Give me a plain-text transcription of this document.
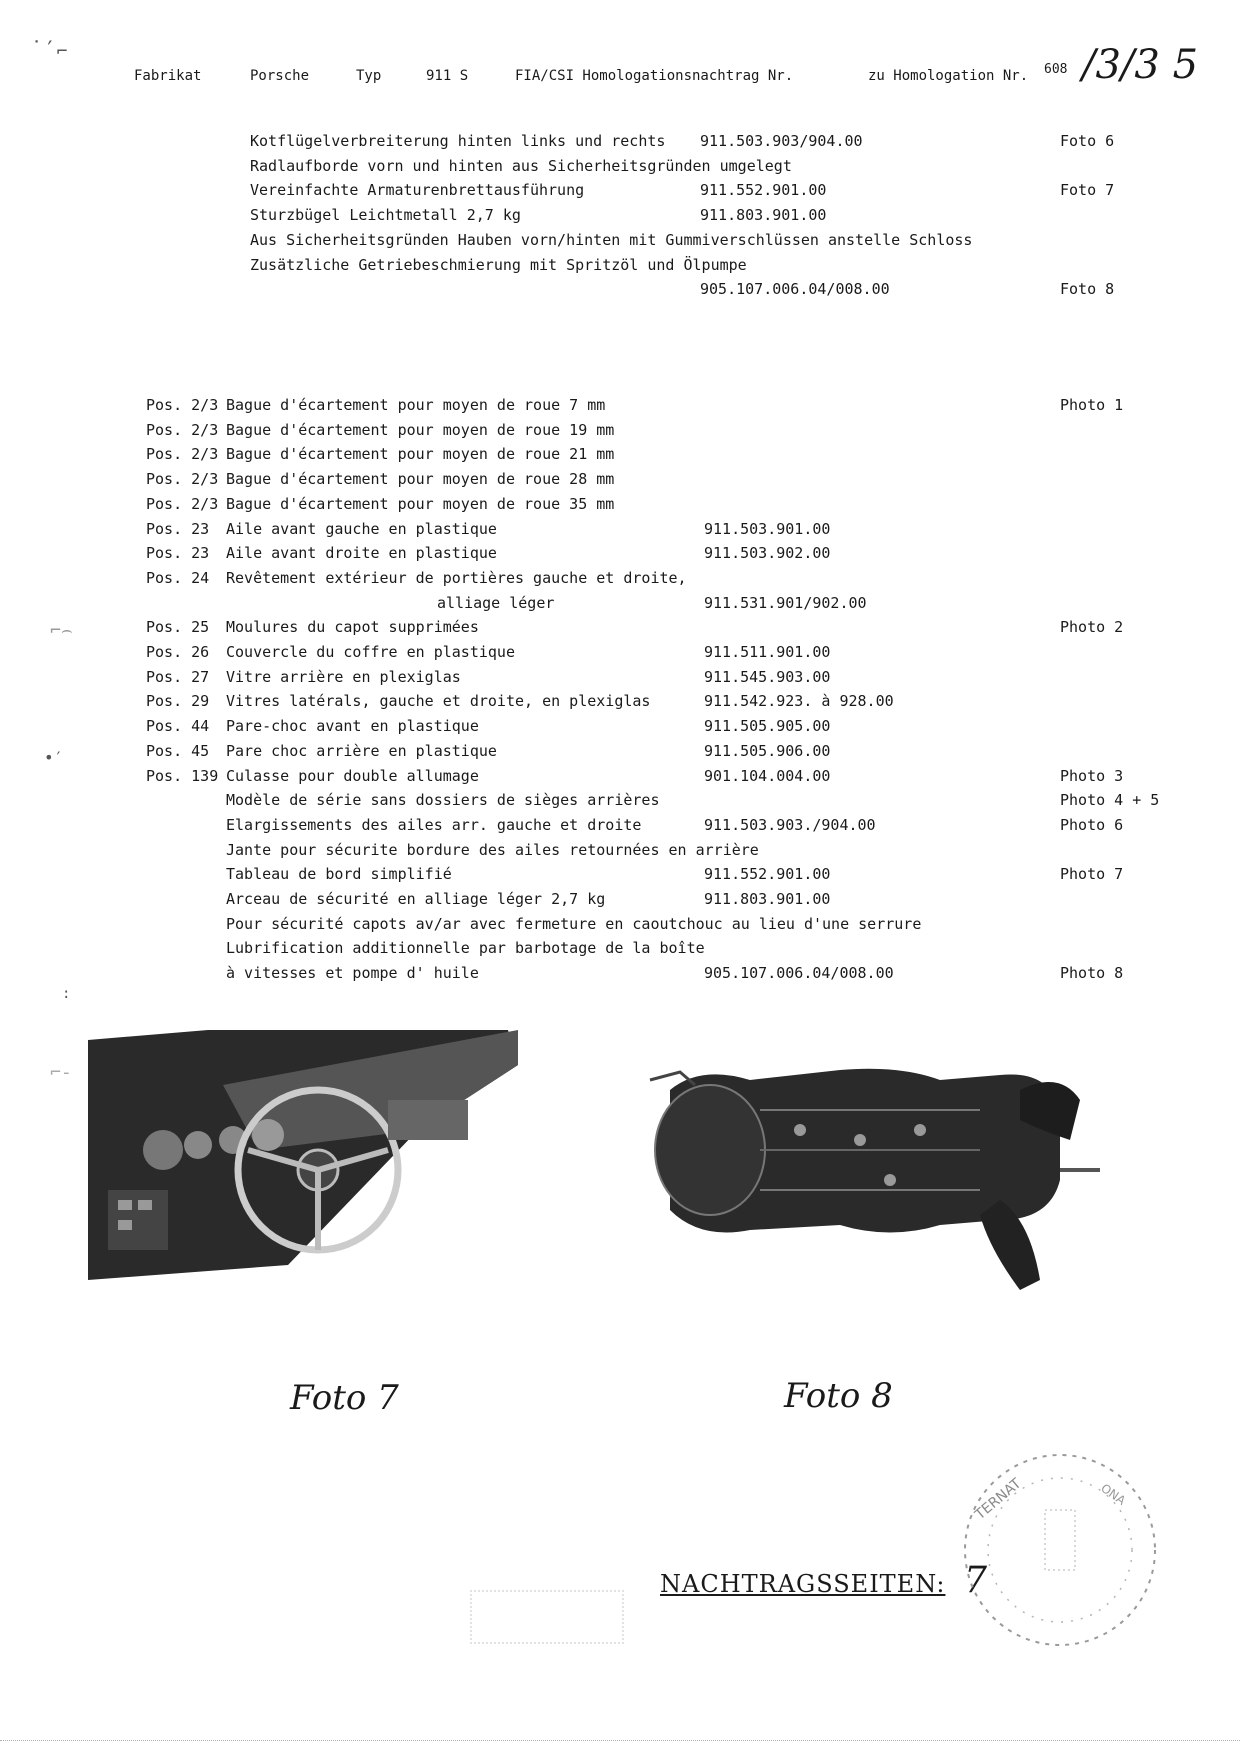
˙′⌐
Fabrikat	Porsche	Typ	911 S	FIA/CSI Homologationsnachtrag Nr.	zu Homologation Nr. 608 /3/3 5
Kotflügelverbreiterung hinten links und rechts 911.503.903/904.00	Foto 6
Radlaufborde vorn und hinten aus Sicherheitsgründen umgelegt
Vereinfachte Armaturenbrettausführung	911.552.901.00	Foto 7
Sturzbügel Leichtmetall 2,7 kg	911.803.901.00
Aus Sicherheitsgründen Hauben vorn/hinten mit Gummiverschlüssen anstelle Schloss
Zusätzliche Getriebeschmierung mit Spritzöl und Ölpumpe
905.107.006.04/008.00	Foto 8
Pos. 2/3 Bague d'écartement pour moyen de roue 7 mm	Photo 1
Pos. 2/3 Bague d'écartement pour moyen de roue 19 mm
Pos. 2/3 Bague d'écartement pour moyen de roue 21 mm
Pos. 2/3 Bague d'écartement pour moyen de roue 28 mm
Pos. 2/3 Bague d'écartement pour moyen de roue 35 mm
Pos. 23 Aile avant gauche en plastique	911.503.901.00
Pos. 23 Aile avant droite en plastique	911.503.902.00
Pos. 24 Revêtement extérieur de portières gauche et droite,
alliage léger	911.531.901/902.00
Pos. 25 Moulures du capot supprimées	Photo 2
Pos. 26 Couvercle du coffre en plastique	911.511.901.00
Pos. 27 Vitre arrière en plexiglas	911.545.903.00
Pos. 29 Vitres latérals, gauche et droite, en plexiglas	911.542.923. à 928.00
Pos. 44 Pare-choc avant en plastique	911.505.905.00
Pos. 45 Pare choc arrière en plastique	911.505.906.00
Pos. 139 Culasse pour double allumage	901.104.004.00	Photo 3
Modèle de série sans dossiers de sièges arrières	Photo 4 + 5
Elargissements des ailes arr. gauche et droite	911.503.903./904.00	Photo 6
Jante pour sécurite bordure des ailes retournées en arrière
Tableau de bord simplifié	911.552.901.00	Photo 7
Arceau de sécurité en alliage léger 2,7 kg	911.803.901.00
Pour sécurité capots av/ar avec fermeture en caoutchouc au lieu d'une serrure
Lubrification additionnelle par barbotage de la boîte
à vitesses et pompe d' huile	905.107.006.04/008.00	Photo 8
Foto 7	Foto 8
NACHTRAGSSEITEN: 7
TERNAT	ONA
⌐⌢
•′
:
⌐‑
